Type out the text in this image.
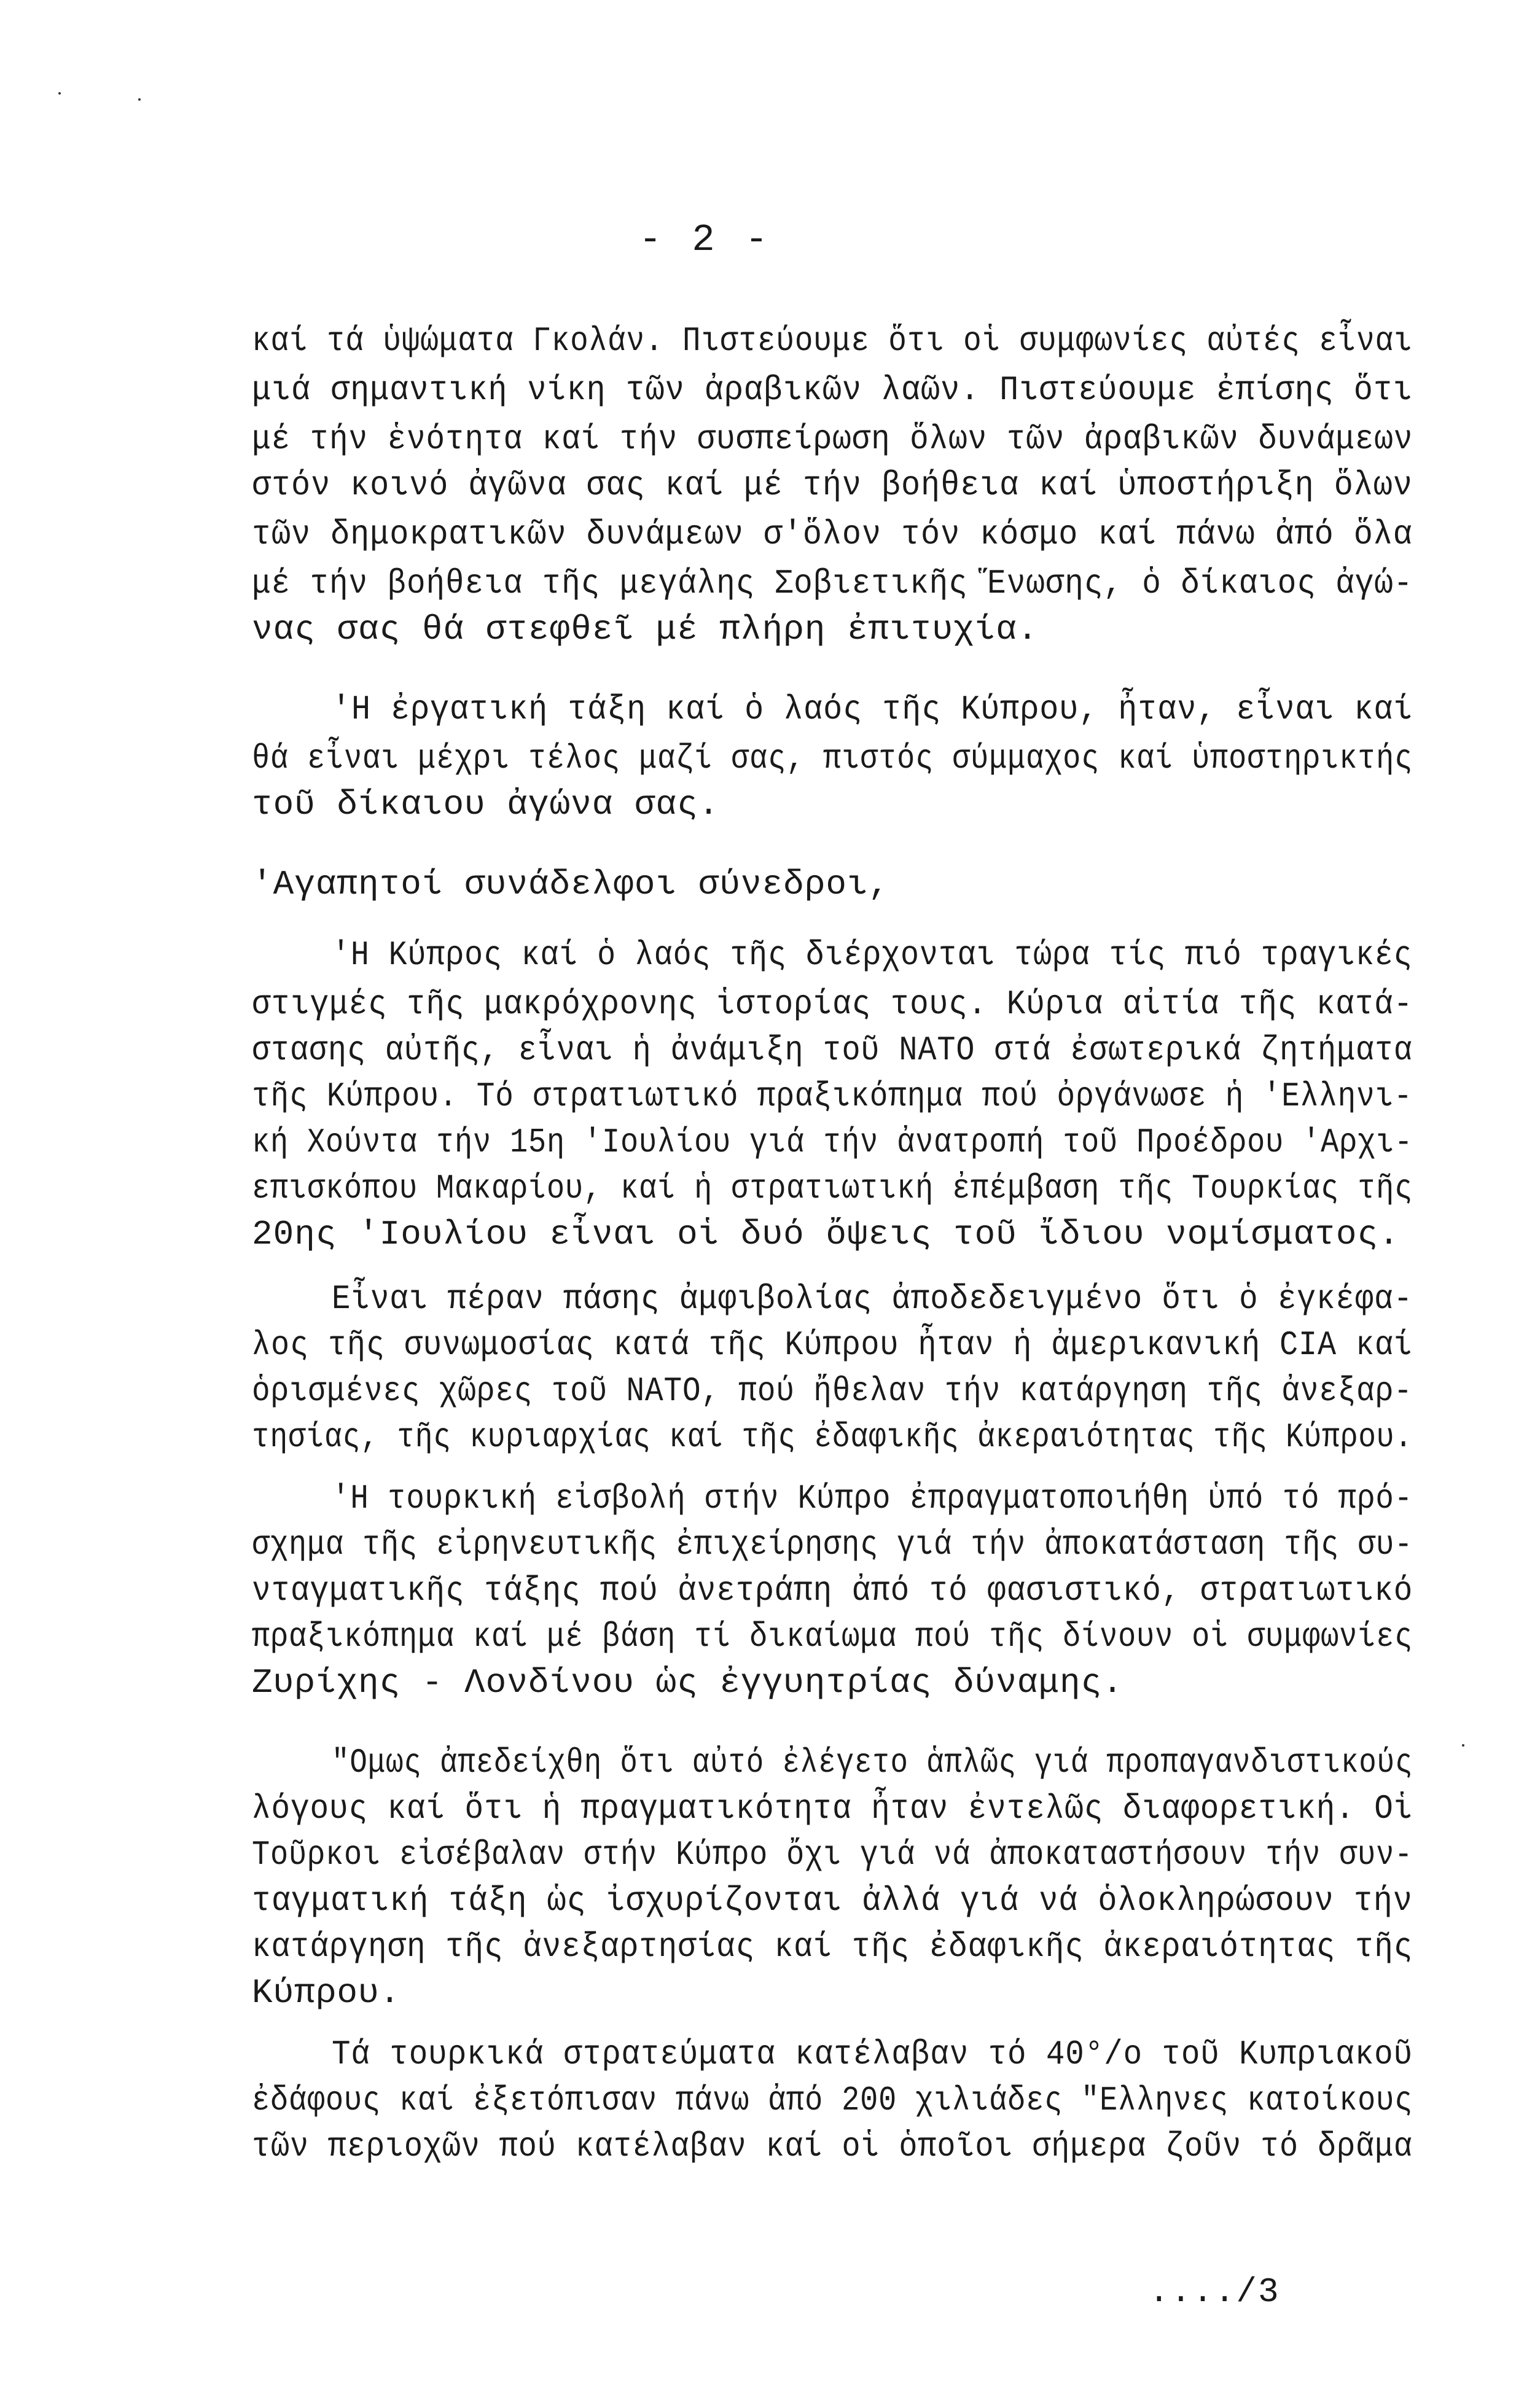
- 2 -
καί τά ὑψώματα Γκολάν. Πιστεύουμε ὅτι οἱ συμφωνίες αὐτές εἶναι
μιά σημαντική νίκη τῶν ἀραβικῶν λαῶν. Πιστεύουμε ἐπίσης ὅτι
μέ τήν ἑνότητα καί τήν συσπείρωση ὅλων τῶν ἀραβικῶν δυνάμεων
στόν κοινό ἀγῶνα σας καί μέ τήν βοήθεια καί ὑποστήριξη ὅλων
τῶν δημοκρατικῶν δυνάμεων σ'ὅλον τόν κόσμο καί πάνω ἀπό ὅλα
μέ τήν βοήθεια τῆς μεγάλης Σοβιετικῆς Ἕνωσης, ὁ δίκαιος ἀγώ-
νας σας θά στεφθεῖ μέ πλήρη ἐπιτυχία.
'Η ἐργατική τάξη καί ὁ λαός τῆς Κύπρου, ἦταν, εἶναι καί
θά εἶναι μέχρι τέλος μαζί σας, πιστός σύμμαχος καί ὑποστηρικτής
τοῦ δίκαιου ἀγώνα σας.
'Αγαπητοί συνάδελφοι σύνεδροι,
'Η Κύπρος καί ὁ λαός τῆς διέρχονται τώρα τίς πιό τραγικές
στιγμές τῆς μακρόχρονης ἱστορίας τους. Κύρια αἰτία τῆς κατά-
στασης αὐτῆς, εἶναι ἡ ἀνάμιξη τοῦ ΝΑΤΟ στά ἐσωτερικά ζητήματα
τῆς Κύπρου. Τό στρατιωτικό πραξικόπημα πού ὀργάνωσε ἡ 'Ελληνι-
κή Χούντα τήν 15η 'Ιουλίου γιά τήν ἀνατροπή τοῦ Προέδρου 'Αρχι-
επισκόπου Μακαρίου, καί ἡ στρατιωτική ἐπέμβαση τῆς Τουρκίας τῆς
20ης 'Ιουλίου εἶναι οἱ δυό ὄψεις τοῦ ἴδιου νομίσματος.
Εἶναι πέραν πάσης ἀμφιβολίας ἀποδεδειγμένο ὅτι ὁ ἐγκέφα-
λος τῆς συνωμοσίας κατά τῆς Κύπρου ἦταν ἡ ἀμερικανική CIA καί
ὁρισμένες χῶρες τοῦ ΝΑΤΟ, πού ἤθελαν τήν κατάργηση τῆς ἀνεξαρ-
τησίας, τῆς κυριαρχίας καί τῆς ἐδαφικῆς ἀκεραιότητας τῆς Κύπρου.
'Η τουρκική εἰσβολή στήν Κύπρο ἐπραγματοποιήθη ὑπό τό πρό-
σχημα τῆς εἰρηνευτικῆς ἐπιχείρησης γιά τήν ἀποκατάσταση τῆς συ-
νταγματικῆς τάξης πού ἀνετράπη ἀπό τό φασιστικό, στρατιωτικό
πραξικόπημα καί μέ βάση τί δικαίωμα πού τῆς δίνουν οἱ συμφωνίες
Ζυρίχης - Λονδίνου ὡς ἐγγυητρίας δύναμης.
"Ομως ἀπεδείχθη ὅτι αὐτό ἐλέγετο ἁπλῶς γιά προπαγανδιστικούς
λόγους καί ὅτι ἡ πραγματικότητα ἦταν ἐντελῶς διαφορετική. Οἱ
Τοῦρκοι εἰσέβαλαν στήν Κύπρο ὄχι γιά νά ἀποκαταστήσουν τήν συν-
ταγματική τάξη ὡς ἰσχυρίζονται ἀλλά γιά νά ὁλοκληρώσουν τήν
κατάργηση τῆς ἀνεξαρτησίας καί τῆς ἐδαφικῆς ἀκεραιότητας τῆς
Κύπρου.
Τά τουρκικά στρατεύματα κατέλαβαν τό 40°/ο τοῦ Κυπριακοῦ
ἐδάφους καί ἐξετόπισαν πάνω ἀπό 200 χιλιάδες "Ελληνες κατοίκους
τῶν περιοχῶν πού κατέλαβαν καί οἱ ὁποῖοι σήμερα ζοῦν τό δρᾶμα
..../3
